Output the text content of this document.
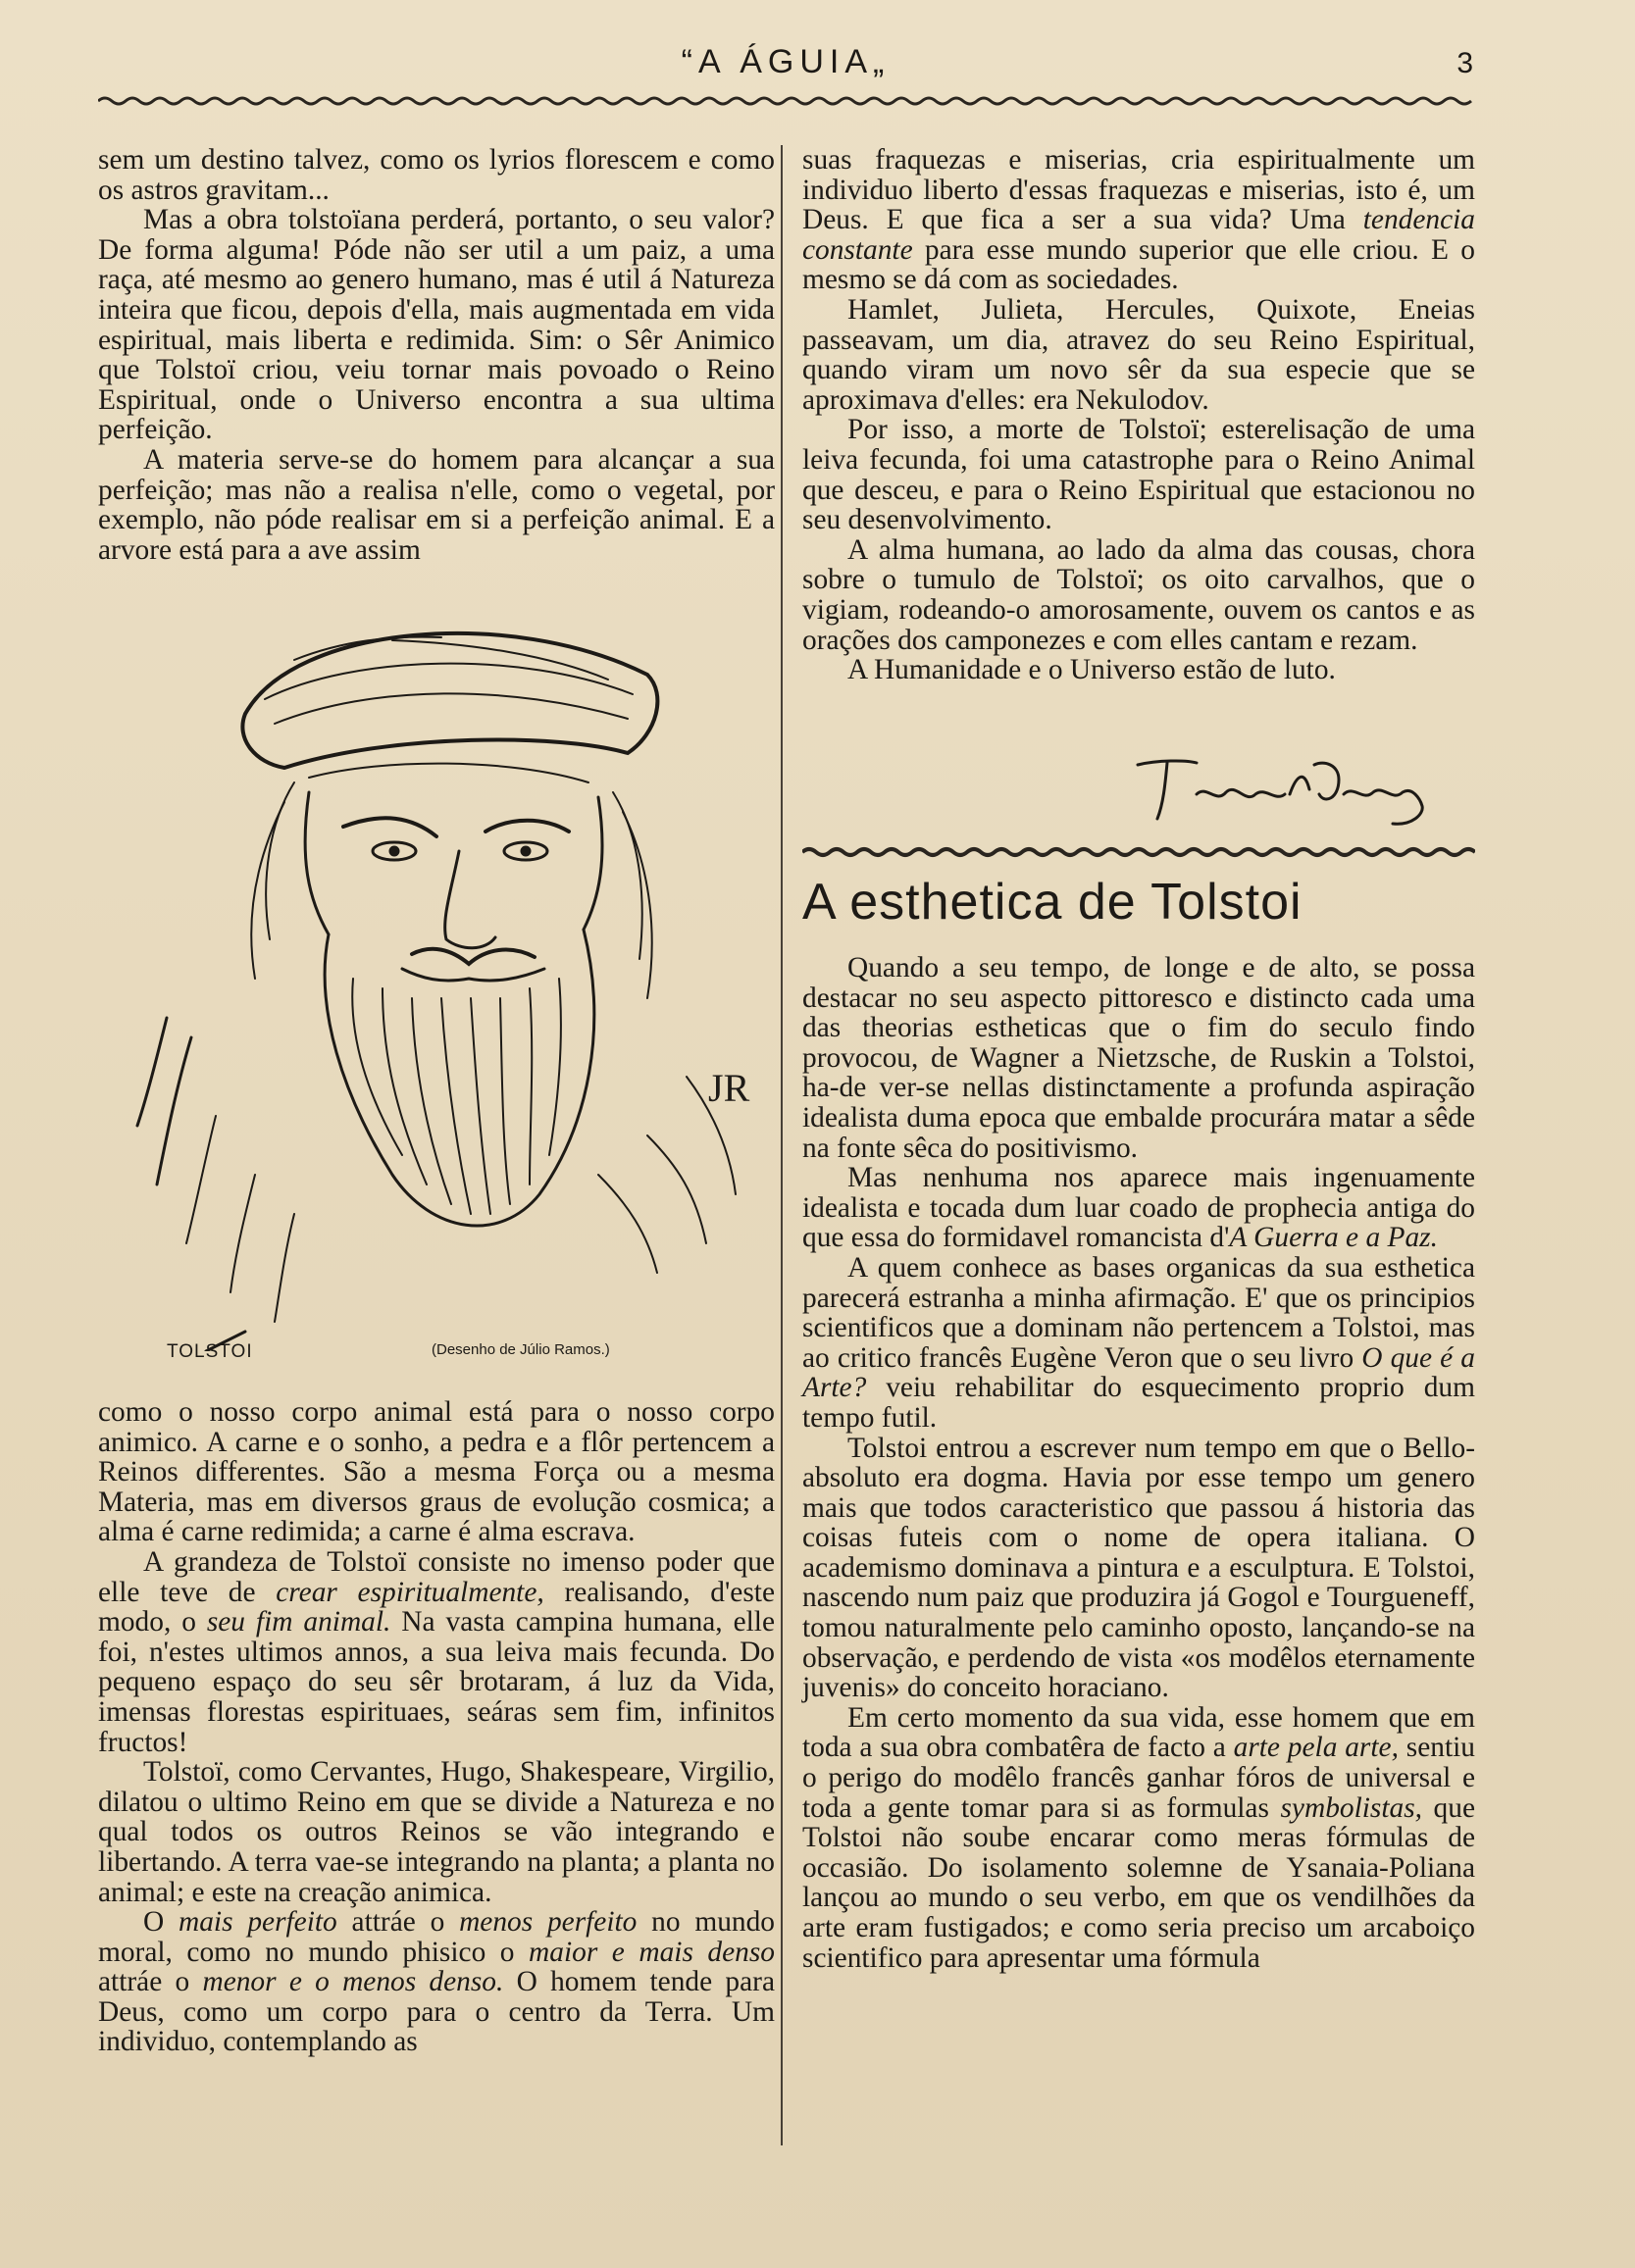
“A ÁGUIA„	3

sem um destino talvez, como os lyrios florescem e como os astros gravitam...

Mas a obra tolstoïana perderá, portanto, o seu valor? De forma alguma! Póde não ser util a um paiz, a uma raça, até mesmo ao genero humano, mas é util á Natureza inteira que ficou, depois d'ella, mais augmentada em vida espiritual, mais liberta e redimida. Sim: o Sêr Animico que Tolstoï criou, veiu tornar mais povoado o Reino Espiritual, onde o Universo encontra a sua ultima perfeição.

A materia serve-se do homem para alcançar a sua perfeição; mas não a realisa n'elle, como o vegetal, por exemplo, não póde realisar em si a perfeição animal. E a arvore está para a ave assim

JR
TOLSTOI	(Desenho de Júlio Ramos.)

como o nosso corpo animal está para o nosso corpo animico. A carne e o sonho, a pedra e a flôr pertencem a Reinos differentes. São a mesma Força ou a mesma Materia, mas em diversos graus de evolução cosmica; a alma é carne redimida; a carne é alma escrava.

A grandeza de Tolstoï consiste no imenso poder que elle teve de crear espiritualmente, realisando, d'este modo, o seu fim animal. Na vasta campina humana, elle foi, n'estes ultimos annos, a sua leiva mais fecunda. Do pequeno espaço do seu sêr brotaram, á luz da Vida, imensas florestas espirituaes, seáras sem fim, infinitos fructos!

Tolstoï, como Cervantes, Hugo, Shakespeare, Virgilio, dilatou o ultimo Reino em que se divide a Natureza e no qual todos os outros Reinos se vão integrando e libertando. A terra vae-se integrando na planta; a planta no animal; e este na creação animica.

O mais perfeito attráe o menos perfeito no mundo moral, como no mundo phisico o maior e mais denso attráe o menor e o menos denso. O homem tende para Deus, como um corpo para o centro da Terra. Um individuo, contemplando as

suas fraquezas e miserias, cria espiritualmente um individuo liberto d'essas fraquezas e miserias, isto é, um Deus. E que fica a ser a sua vida? Uma tendencia constante para esse mundo superior que elle criou. E o mesmo se dá com as sociedades.

Hamlet, Julieta, Hercules, Quixote, Eneias passeavam, um dia, atravez do seu Reino Espiritual, quando viram um novo sêr da sua especie que se aproximava d'elles: era Nekulodov.

Por isso, a morte de Tolstoï; esterelisação de uma leiva fecunda, foi uma catastrophe para o Reino Animal que desceu, e para o Reino Espiritual que estacionou no seu desenvolvimento.

A alma humana, ao lado da alma das cousas, chora sobre o tumulo de Tolstoï; os oito carvalhos, que o vigiam, rodeando-o amorosamente, ouvem os cantos e as orações dos camponezes e com elles cantam e rezam.

A Humanidade e o Universo estão de luto.

A esthetica de Tolstoi

Quando a seu tempo, de longe e de alto, se possa destacar no seu aspecto pittoresco e distincto cada uma das theorias estheticas que o fim do seculo findo provocou, de Wagner a Nietzsche, de Ruskin a Tolstoi, ha-de ver-se nellas distinctamente a profunda aspiração idealista duma epoca que embalde procurára matar a sêde na fonte sêca do positivismo.

Mas nenhuma nos aparece mais ingenuamente idealista e tocada dum luar coado de prophecia antiga do que essa do formidavel romancista d'A Guerra e a Paz.

A quem conhece as bases organicas da sua esthetica parecerá estranha a minha afirmação. E' que os principios scientificos que a dominam não pertencem a Tolstoi, mas ao critico francês Eugène Veron que o seu livro O que é a Arte? veiu rehabilitar do esquecimento proprio dum tempo futil.

Tolstoi entrou a escrever num tempo em que o Bello-absoluto era dogma. Havia por esse tempo um genero mais que todos caracteristico que passou á historia das coisas futeis com o nome de opera italiana. O academismo dominava a pintura e a esculptura. E Tolstoi, nascendo num paiz que produzira já Gogol e Tourgueneff, tomou naturalmente pelo caminho oposto, lançando-se na observação, e perdendo de vista «os modêlos eternamente juvenis» do conceito horaciano.

Em certo momento da sua vida, esse homem que em toda a sua obra combatêra de facto a arte pela arte, sentiu o perigo do modêlo francês ganhar fóros de universal e toda a gente tomar para si as formulas symbolistas, que Tolstoi não soube encarar como meras fórmulas de occasião. Do isolamento solemne de Ysanaia-Poliana lançou ao mundo o seu verbo, em que os vendilhões da arte eram fustigados; e como seria preciso um arcaboiço scientifico para apresentar uma fórmula
